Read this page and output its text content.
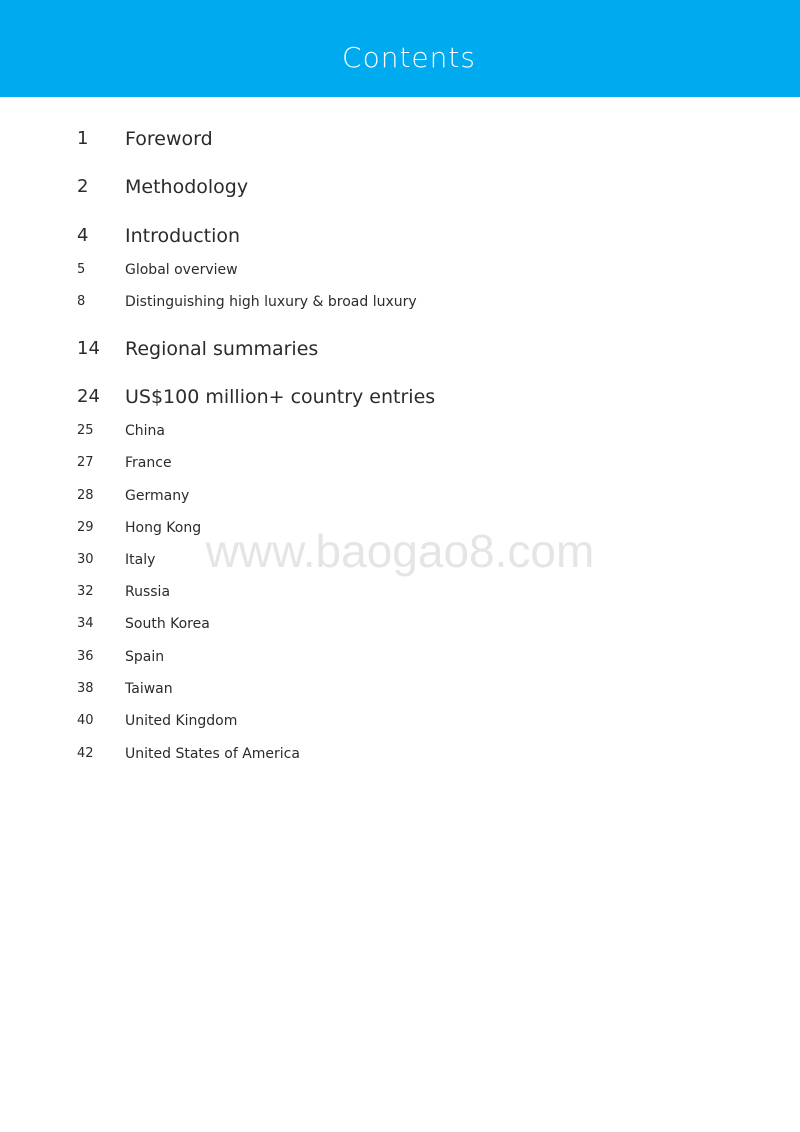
Contents
1 Foreword
2 Methodology
4 Introduction
5	Global overview
8	Distinguishing high luxury & broad luxury
14 Regional summaries
24 US$100 million+ country entries
25 China
27 France
28 Germany
29 Hong Kong
30 Italy
32 Russia
34 South Korea
36 Spain
38 Taiwan
40 United Kingdom
42 United States of America
www.baogao8.com
